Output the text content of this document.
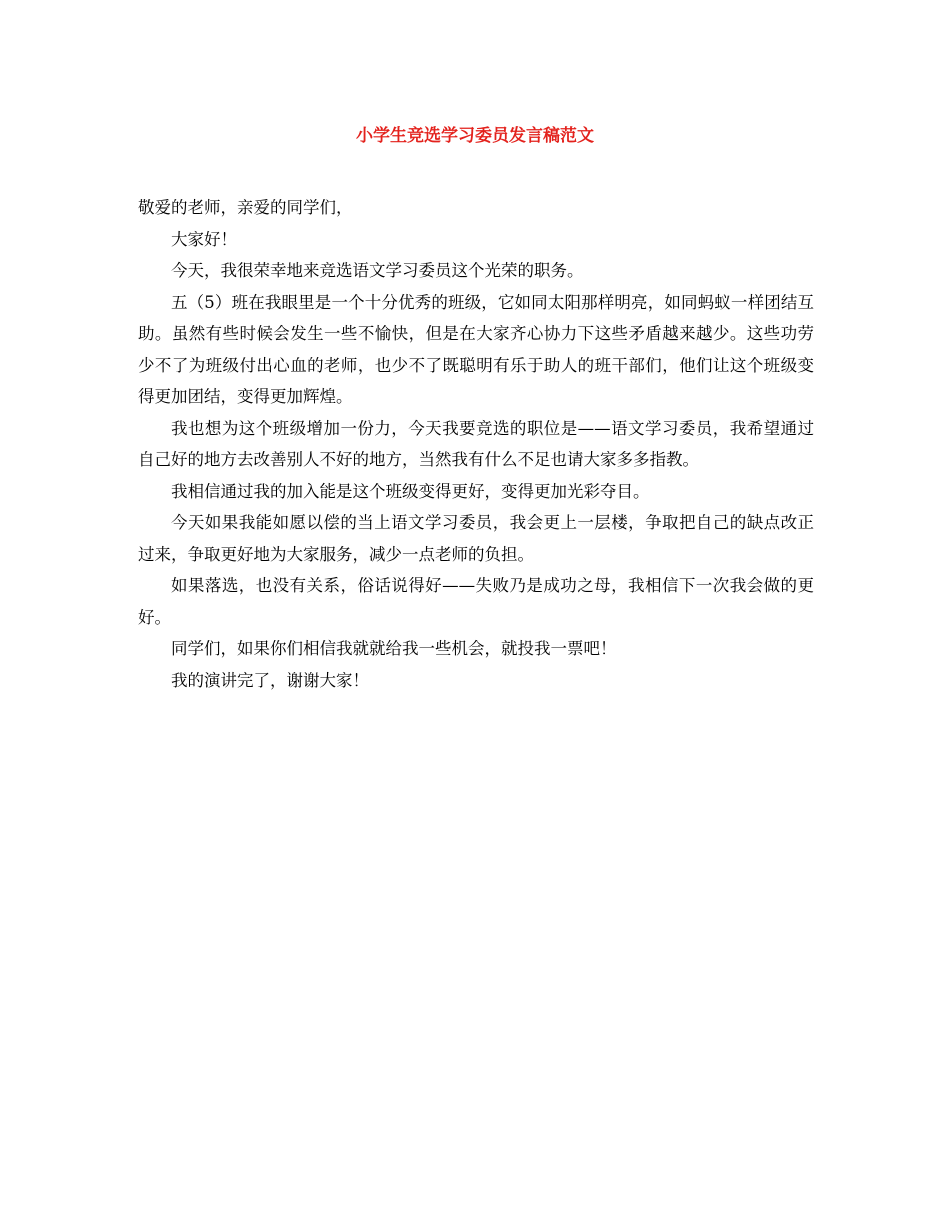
小学生竞选学习委员发言稿范文

敬爱的老师，亲爱的同学们，

大家好！

今天，我很荣幸地来竞选语文学习委员这个光荣的职务。

五（5）班在我眼里是一个十分优秀的班级，它如同太阳那样明亮，如同蚂蚁一样团结互助。虽然有些时候会发生一些不愉快，但是在大家齐心协力下这些矛盾越来越少。这些功劳少不了为班级付出心血的老师，也少不了既聪明有乐于助人的班干部们，他们让这个班级变得更加团结，变得更加辉煌。

我也想为这个班级增加一份力，今天我要竞选的职位是——语文学习委员，我希望通过自己好的地方去改善别人不好的地方，当然我有什么不足也请大家多多指教。

我相信通过我的加入能是这个班级变得更好，变得更加光彩夺目。

今天如果我能如愿以偿的当上语文学习委员，我会更上一层楼，争取把自己的缺点改正过来，争取更好地为大家服务，减少一点老师的负担。

如果落选，也没有关系，俗话说得好——失败乃是成功之母，我相信下一次我会做的更好。

同学们，如果你们相信我就就给我一些机会，就投我一票吧！

我的演讲完了，谢谢大家！
